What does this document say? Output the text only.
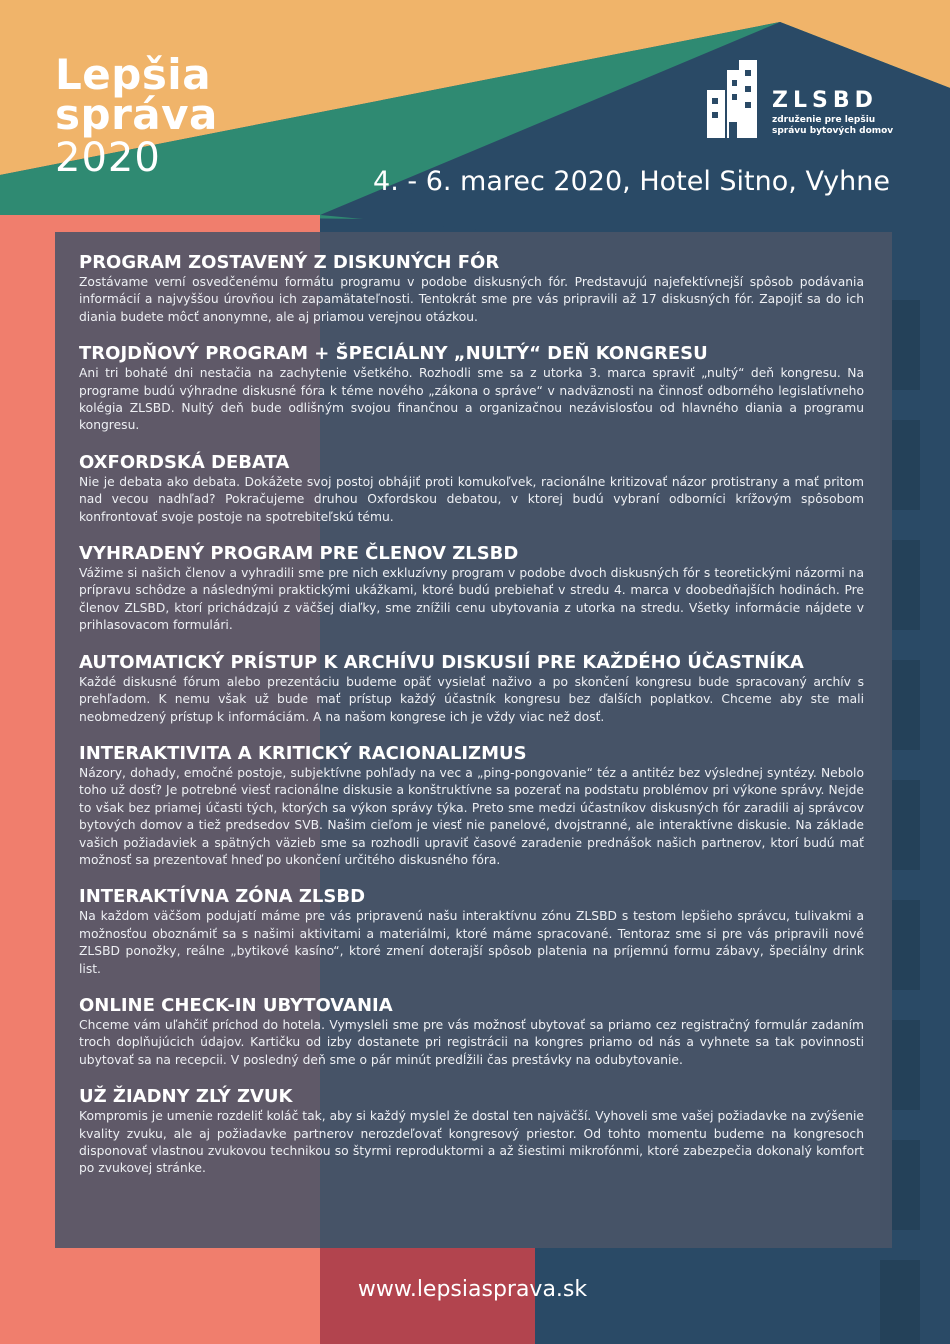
Lepšia
správa
2020
ZLSBD
združenie pre lepšiu
správu bytových domov
4. - 6. marec 2020, Hotel Sitno, Vyhne
PROGRAM ZOSTAVENÝ Z DISKUNÝCH FÓR

Zostávame verní osvedčenému formátu programu v podobe diskusných fór. Predstavujú najefektívnejší spôsob podávania informácií a najvyššou úrovňou ich zapamätateľnosti. Tentokrát sme pre vás pripravili až 17 diskusných fór. Zapojiť sa do ich diania budete môcť anonymne, ale aj priamou verejnou otázkou.

TROJDŇOVÝ PROGRAM + ŠPECIÁLNY „NULTÝ“ DEŇ KONGRESU

Ani tri bohaté dni nestačia na zachytenie všetkého. Rozhodli sme sa z utorka 3. marca spraviť „nultý“ deň kongresu. Na programe budú výhradne diskusné fóra k téme nového „zákona o správe“ v nadväznosti na činnosť odborného legislatívneho kolégia ZLSBD. Nultý deň bude odlišným svojou finančnou a organizačnou nezávislosťou od hlavného diania a programu kongresu.

OXFORDSKÁ DEBATA

Nie je debata ako debata. Dokážete svoj postoj obhájiť proti komukoľvek, racionálne kritizovať názor protistrany a mať pritom nad vecou nadhľad? Pokračujeme druhou Oxfordskou debatou, v ktorej budú vybraní odborníci krížovým spôsobom konfrontovať svoje postoje na spotrebiteľskú tému.

VYHRADENÝ PROGRAM PRE ČLENOV ZLSBD

Vážime si našich členov a vyhradili sme pre nich exkluzívny program v podobe dvoch diskusných fór s teoretickými názormi na prípravu schôdze a následnými praktickými ukážkami, ktoré budú prebiehať v stredu 4. marca v doobedňajších hodinách. Pre členov ZLSBD, ktorí prichádzajú z väčšej diaľky, sme znížili cenu ubytovania z utorka na stredu. Všetky informácie nájdete v prihlasovacom formulári.

AUTOMATICKÝ PRÍSTUP K ARCHÍVU DISKUSIÍ PRE KAŽDÉHO ÚČASTNÍKA

Každé diskusné fórum alebo prezentáciu budeme opäť vysielať naživo a po skončení kongresu bude spracovaný archív s prehľadom. K nemu však už bude mať prístup každý účastník kongresu bez ďalších poplatkov. Chceme aby ste mali neobmedzený prístup k informáciám. A na našom kongrese ich je vždy viac než dosť.

INTERAKTIVITA A KRITICKÝ RACIONALIZMUS

Názory, dohady, emočné postoje, subjektívne pohľady na vec a „ping-pongovanie“ téz a antitéz bez výslednej syntézy. Nebolo toho už dosť? Je potrebné viesť racionálne diskusie a konštruktívne sa pozerať na podstatu problémov pri výkone správy. Nejde to však bez priamej účasti tých, ktorých sa výkon správy týka. Preto sme medzi účastníkov diskusných fór zaradili aj správcov bytových domov a tiež predsedov SVB. Našim cieľom je viesť nie panelové, dvojstranné, ale interaktívne diskusie. Na základe vašich požiadaviek a spätných väzieb sme sa rozhodli upraviť časové zaradenie prednášok našich partnerov, ktorí budú mať možnosť sa prezentovať hneď po ukončení určitého diskusného fóra.

INTERAKTÍVNA ZÓNA ZLSBD

Na každom väčšom podujatí máme pre vás pripravenú našu interaktívnu zónu ZLSBD s testom lepšieho správcu, tulivakmi a možnosťou oboznámiť sa s našimi aktivitami a materiálmi, ktoré máme spracované. Tentoraz sme si pre vás pripravili nové ZLSBD ponožky, reálne „bytikové kasíno“, ktoré zmení doterajší spôsob platenia na príjemnú formu zábavy, špeciálny drink list.

ONLINE CHECK-IN UBYTOVANIA

Chceme vám uľahčiť príchod do hotela. Vymysleli sme pre vás možnosť ubytovať sa priamo cez registračný formulár zadaním troch doplňujúcich údajov. Kartičku od izby dostanete pri registrácii na kongres priamo od nás a vyhnete sa tak povinnosti ubytovať sa na recepcii. V posledný deň sme o pár minút predĺžili čas prestávky na odubytovanie.

UŽ ŽIADNY ZLÝ ZVUK

Kompromis je umenie rozdeliť koláč tak, aby si každý myslel že dostal ten najväčší. Vyhoveli sme vašej požiadavke na zvýšenie kvality zvuku, ale aj požiadavke partnerov nerozdeľovať kongresový priestor. Od tohto momentu budeme na kongresoch disponovať vlastnou zvukovou technikou so štyrmi reproduktormi a až šiestimi mikrofónmi, ktoré zabezpečia dokonalý komfort po zvukovej stránke.

www.lepsiasprava.sk
